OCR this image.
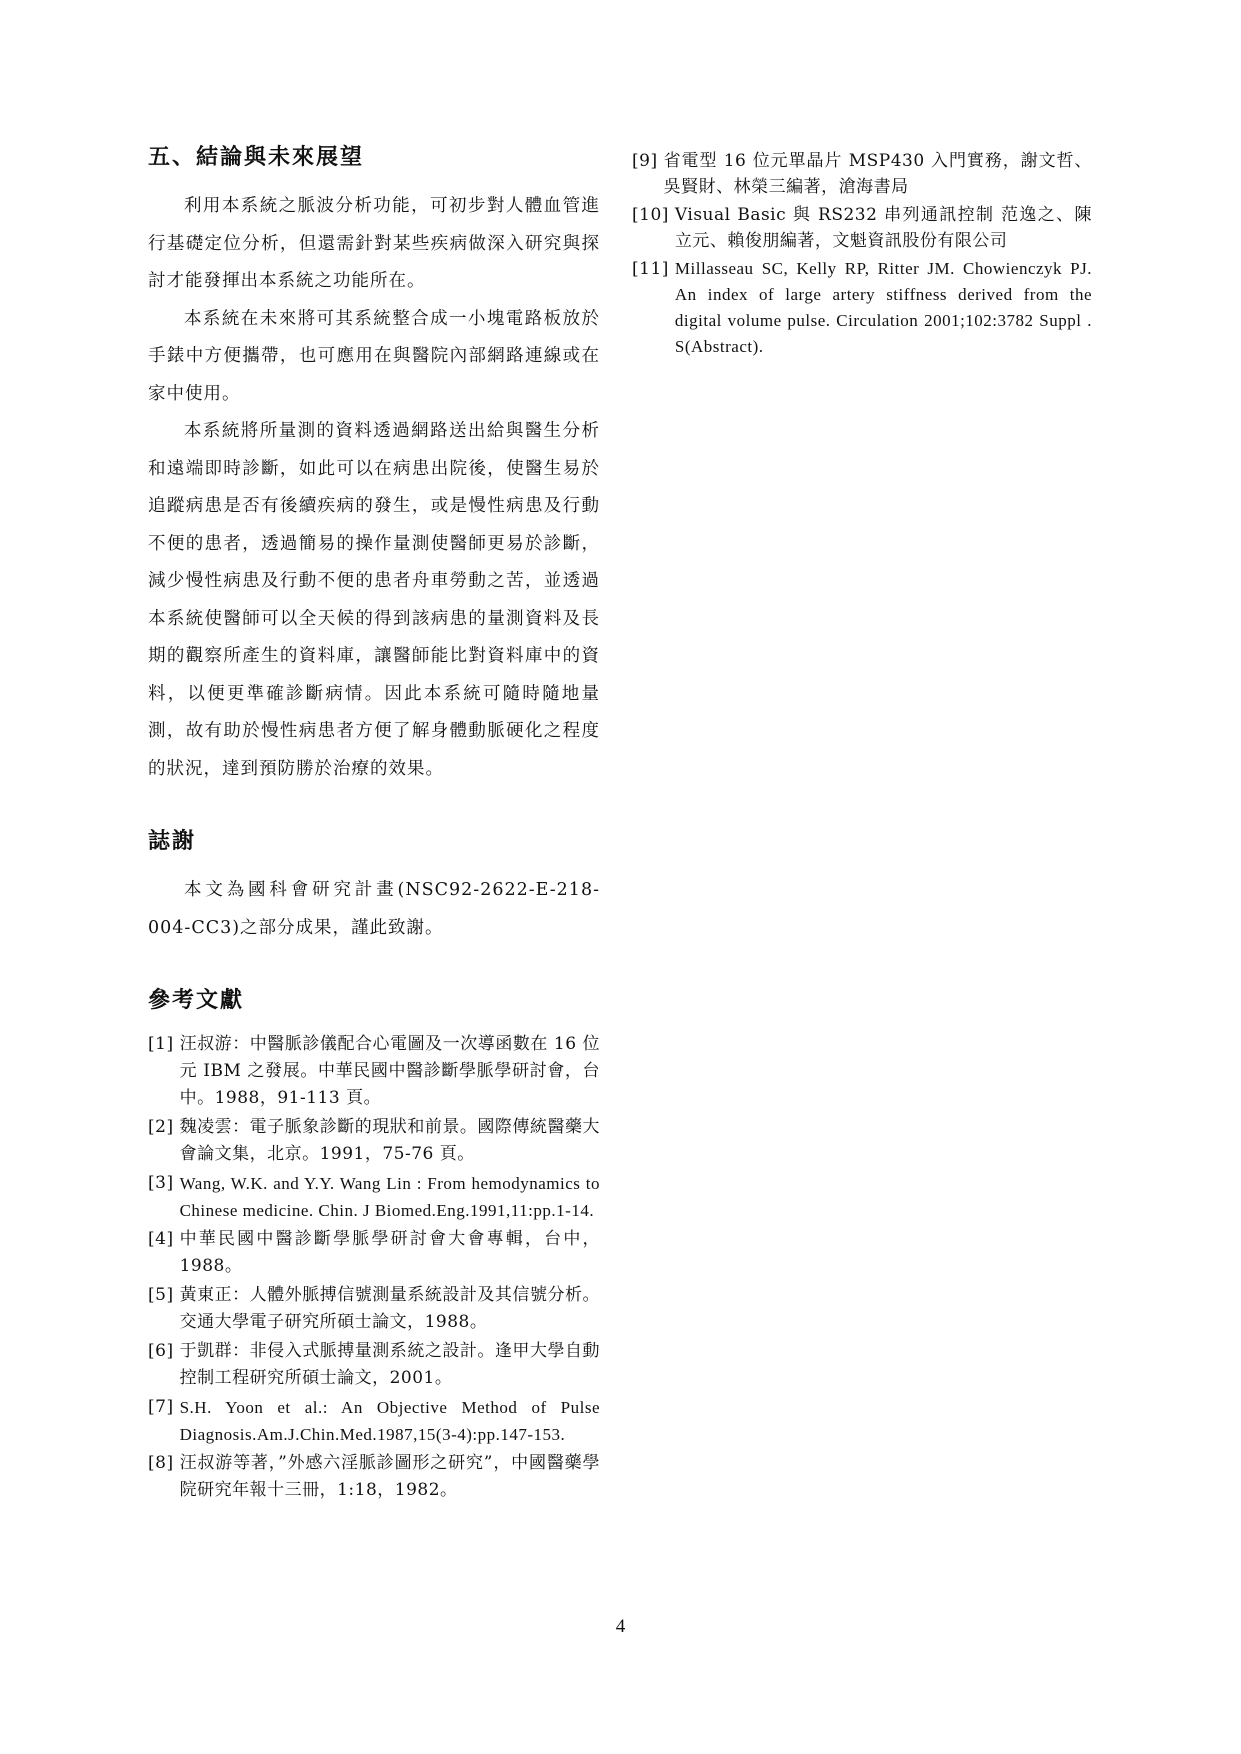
五、結論與未來展望

利用本系統之脈波分析功能，可初步對人體血管進行基礎定位分析，但還需針對某些疾病做深入研究與探討才能發揮出本系統之功能所在。

本系統在未來將可其系統整合成一小塊電路板放於手錶中方便攜帶，也可應用在與醫院內部網路連線或在家中使用。

本系統將所量測的資料透過網路送出給與醫生分析和遠端即時診斷，如此可以在病患出院後，使醫生易於追蹤病患是否有後續疾病的發生，或是慢性病患及行動不便的患者，透過簡易的操作量測使醫師更易於診斷，減少慢性病患及行動不便的患者舟車勞動之苦，並透過本系統使醫師可以全天候的得到該病患的量測資料及長期的觀察所產生的資料庫，讓醫師能比對資料庫中的資料，以便更準確診斷病情。因此本系統可隨時隨地量測，故有助於慢性病患者方便了解身體動脈硬化之程度的狀況，達到預防勝於治療的效果。

誌謝

本文為國科會研究計畫(NSC92-2622-E-218-004-CC3)之部分成果，謹此致謝。

參考文獻
[1] 汪叔游：中醫脈診儀配合心電圖及一次導函數在 16 位元 IBM 之發展。中華民國中醫診斷學脈學研討會，台中。1988，91-113 頁。
[2] 魏凌雲：電子脈象診斷的現狀和前景。國際傳統醫藥大會論文集，北京。1991，75-76 頁。
[3] Wang, W.K. and Y.Y. Wang Lin : From hemodynamics to Chinese medicine. Chin. J Biomed.Eng.1991,11:pp.1-14.
[4] 中華民國中醫診斷學脈學研討會大會專輯，台中，1988。
[5] 黃東正：人體外脈搏信號測量系統設計及其信號分析。交通大學電子研究所碩士論文，1988。
[6] 于凱群：非侵入式脈搏量測系統之設計。逢甲大學自動控制工程研究所碩士論文，2001。
[7] S.H. Yoon et al.: An Objective Method of Pulse Diagnosis.Am.J.Chin.Med.1987,15(3-4):pp.147-153.
[8] 汪叔游等著，”外感六淫脈診圖形之研究”，中國醫藥學院研究年報十三冊，1:18，1982。
[9] 省電型 16 位元單晶片 MSP430 入門實務，謝文哲、吳賢財、林榮三編著，滄海書局
[10] Visual Basic 與 RS232 串列通訊控制 范逸之、陳立元、賴俊朋編著，文魁資訊股份有限公司
[11] Millasseau SC, Kelly RP, Ritter JM. Chowienczyk PJ. An index of large artery stiffness derived from the digital volume pulse. Circulation 2001;102:3782 Suppl . S(Abstract).
4
